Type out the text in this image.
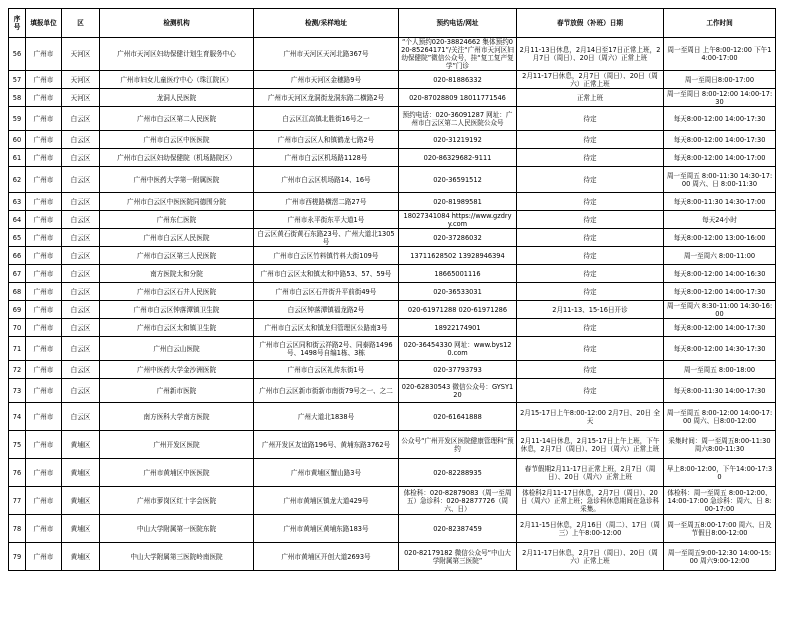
序号	填报单位	区	检测机构	检测/采样地址	预约电话/网址	春节放假（补班）日期	工作时间
56	广州市	天河区	广州市天河区妇幼保健计划生育服务中心	广州市天河区天河北路367号	“个人预约020-38824662 集体预约020-85264171”/关注“广州市天河区妇幼保健院”微信公众号，挂“复工复产复学”门诊	2月11-13日休息，2月14日至17日正常上班，2月7日（周日）、20日（周六）正常上班	周一至周日 上午8:00-12:00 下午14:00-17:00
57	广州市	天河区	广州市妇女儿童医疗中心（珠江院区）	广州市天河区金穗路9号	020-81886332	2月11-17日休息，2月7日（周日）、20日（周六）正常上班	周一至周日8:00-17:00
58	广州市	天河区	龙洞人民医院	广州市天河区龙洞街龙洞东路二横路2号	020-87028809 18011771546	正常上班	周一至周日 8:00-12:00 14:00-17:30
59	广州市	白云区	广州市白云区第二人民医院	白云区江高镇北胜街16号之一	预约电话：020-36091287 网址：广州市白云区第二人民医院公众号	待定	每天8:00-12:00 14:00-17:30
60	广州市	白云区	广州市白云区中医医院	广州市白云区人和镇鹤龙七路2号	020-31219192	待定	每天8:00-12:00 14:00-17:30
61	广州市	白云区	广州市白云区妇幼保健院（机场路院区）	广州市白云区机场路1128号	020-86329682-9111	待定	每天8:00-12:00 14:00-17:00
62	广州市	白云区	广州中医药大学第一附属医院	广州市白云区机场路14、16号	020-36591512	待定	周一至周五 8:00-11:30 14:30-17:00 周六、日 8:00-11:30
63	广州市	白云区	广州市白云区中医医院同德围分院	广州市西槎路横滘二路27号	020-81989581	待定	每天8:00-11:30 14:30-17:00
64	广州市	白云区	广州东仁医院	广州市永平街东平大道1号	18027341084 https://www.gzdryy.com	待定	每天24小时
65	广州市	白云区	广州市白云区人民医院	白云区黄石街黄石东路23号、广州大道北1305号	020-37286032	待定	每天8:00-12:00 13:00-16:00
66	广州市	白云区	广州市白云区第三人民医院	广州市白云区竹料镇竹料大街109号	13711628502 13928946394	待定	周一至周六 8:00-11:00
67	广州市	白云区	南方医院太和分院	广州市白云区太和镇太和中路53、57、59号	18665001116	待定	每天8:00-12:00 14:00-16:30
68	广州市	白云区	广州市白云区石井人民医院	广州市白云区石井街升平前街49号	020-36533031	待定	每天8:00-12:00 14:00-17:30
69	广州市	白云区	广州市白云区钟落潭镇卫生院	白云区钟落潭镇福龙路2号	020-61971288 020-61971286	2月11-13、15-16日开诊	周一至周六 8:30-11:00 14:30-16:00
70	广州市	白云区	广州市白云区太和镇卫生院	广州市白云区太和镇龙归管理区公路南3号	18922174901	待定	每天8:00-12:00 14:00-17:30
71	广州市	白云区	广州白云山医院	广州市白云区同和街云祥路2号、同泰路1496号、1498号自编1栋、3栋	020-36454330 网址：www.bys120.com	待定	每天8:00-12:00 14:30-17:30
72	广州市	白云区	广州中医药大学金沙洲医院	广州市白云区礼传东街1号	020-37793793	待定	周一至周五 8:00-18:00
73	广州市	白云区	广州新市医院	广州市白云区新市街新市南街79号之一、之二	020-62830543 微信公众号：GYSY120	待定	每天8:00-11:30 14:00-17:30
74	广州市	白云区	南方医科大学南方医院	广州大道北1838号	020-61641888	2月15-17日上午8:00-12:00 2月7日、20日 全天	周一至周五 8:00-12:00 14:00-17:00 周六、日8:00-12:00
75	广州市	黄埔区	广州开发区医院	广州开发区友谊路196号、黄埔东路3762号	公众号“广州开发区医院健康管理科”预约	2月11-14日休息，2月15-17日上午上班，下午休息，2月7日（周日）、20日（周六）正常上班	采集时间：周一至周五8:00-11:30周六8:00-11:30
76	广州市	黄埔区	广州市黄埔区中医医院	广州市黄埔区蟹山路3号	020-82288935	春节假期2月11-17日正常上班，2月7日（周日）、20日（周六）正常上班	早上8:00-12:00，下午14:00-17:30
77	广州市	黄埔区	广州市萝岗区红十字会医院	广州市黄埔区镇龙大道429号	体检科：020-82879083（周一至周五）急诊科：020-82877726（周六、日）	体检科2月11-17日休息，2月7日（周日）、20日（周六）正常上班；急诊科休息期间在急诊科采集。	体检科：周一至周五 8:00-12:00、14:00-17:00 急诊科：周六、日 8:00-17:00
78	广州市	黄埔区	中山大学附属第一医院东院	广州市黄埔区黄埔东路183号	020-82387459	2月11-15日休息，2月16日（周二）、17日（周三）上午8:00-12:00	周一至周五8:00-17:00 周六、日及节假日8:00-12:00
79	广州市	黄埔区	中山大学附属第三医院岭南医院	广州市黄埔区开创大道2693号	020-82179182 微信公众号“中山大学附属第三医院”	2月11-17日休息，2月7日（周日）、20日（周六）正常上班	周一至周五9:00-12:30 14:00-15:00 周六9:00-12:00
